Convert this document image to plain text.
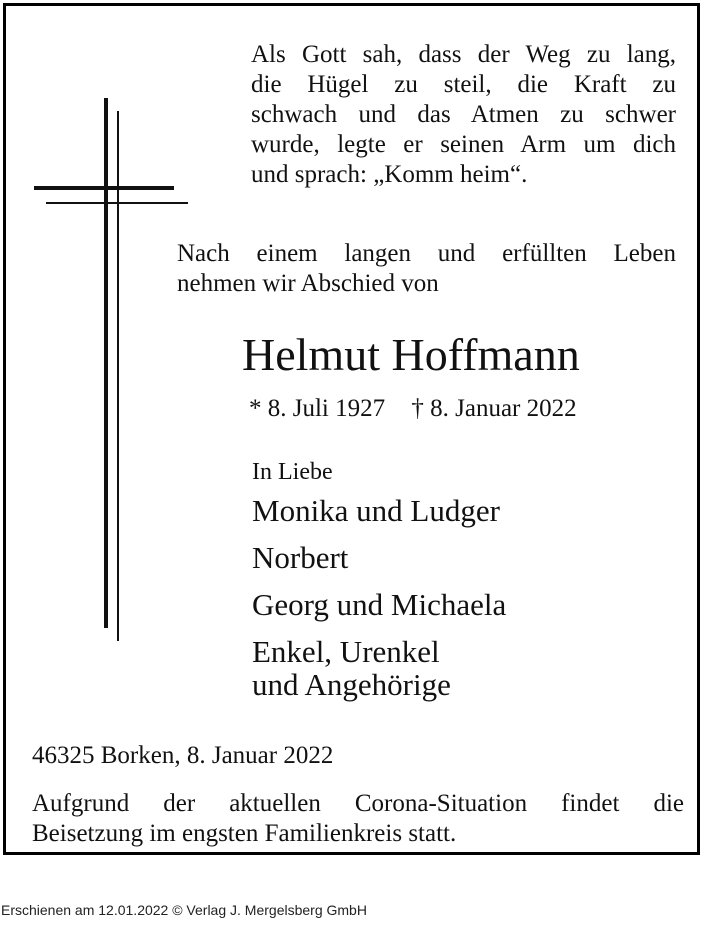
Als Gott sah, dass der Weg zu lang,
die Hügel zu steil, die Kraft zu
schwach und das Atmen zu schwer
wurde, legte er seinen Arm um dich
und sprach: „Komm heim“.

Nach einem langen und erfüllten Leben
nehmen wir Abschied von

Helmut Hoffmann
* 8. Juli 1927 † 8. Januar 2022
In Liebe
Monika und Ludger
Norbert
Georg und Michaela
Enkel, Urenkel
und Angehörige
46325 Borken, 8. Januar 2022

Aufgrund der aktuellen Corona-Situation findet die
Beisetzung im engsten Familienkreis statt.

Erschienen am 12.01.2022 © Verlag J. Mergelsberg GmbH
